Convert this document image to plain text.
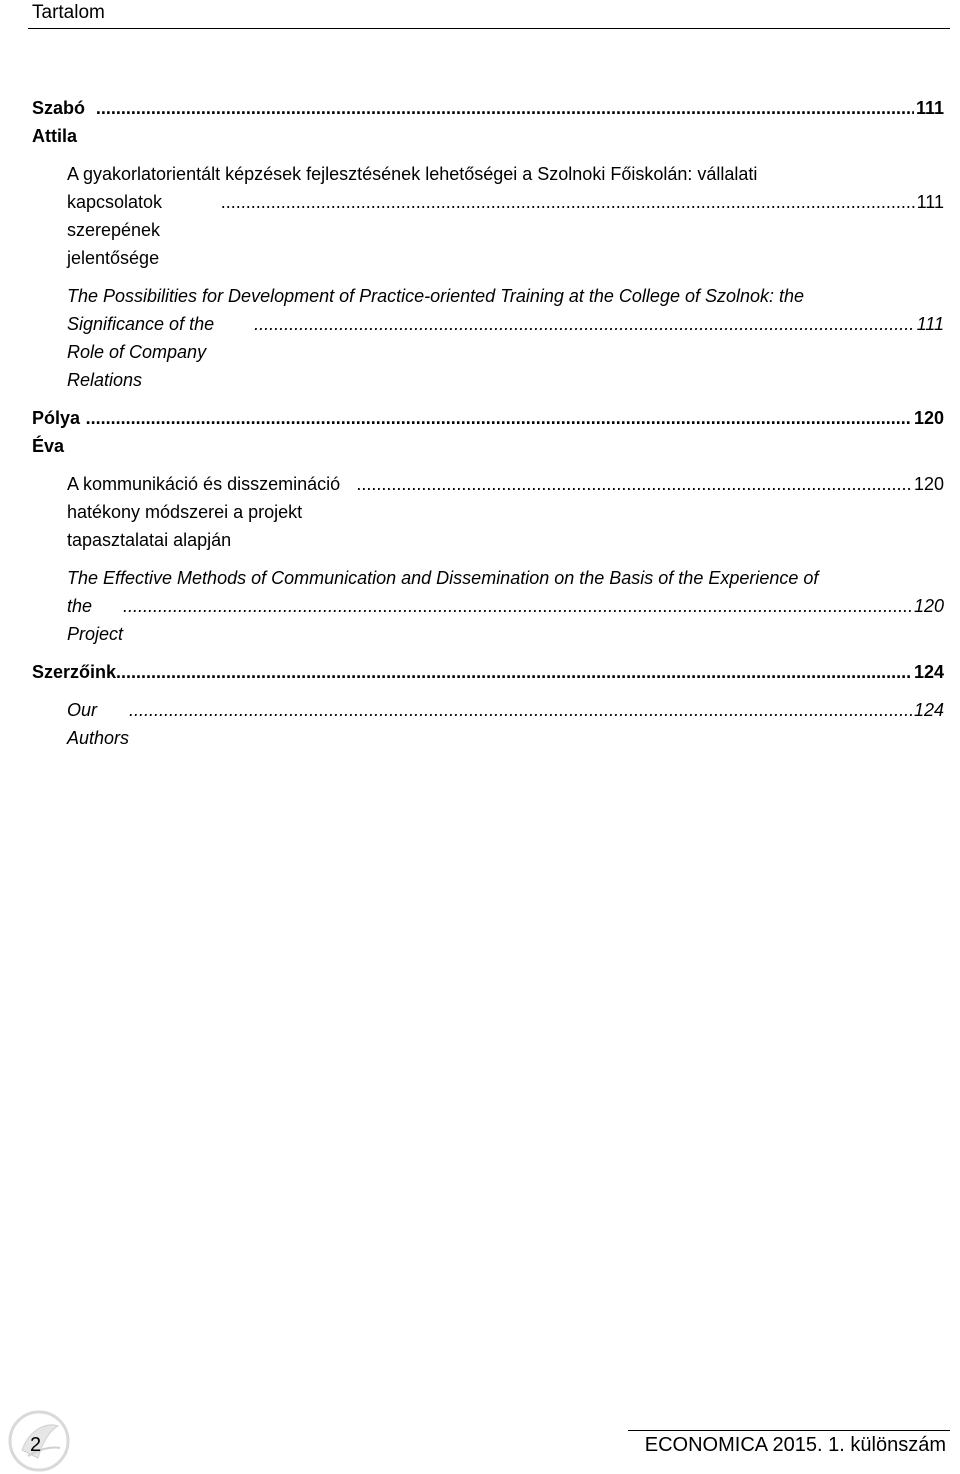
Tartalom
Szabó Attila
.....
111
A gyakorlatorientált képzések fejlesztésének lehetőségei a Szolnoki Főiskolán: vállalati
kapcsolatok szerepének jelentősége
.....
111
The Possibilities for Development of Practice-oriented Training at the College of Szolnok: the
Significance of the Role of Company Relations
.....
111
Pólya Éva
.....
120
A kommunikáció és disszemináció hatékony módszerei a projekt tapasztalatai alapján
.....
120
The Effective Methods of Communication and Dissemination on the Basis of the Experience of
the Project
.....
120
Szerzőink
.....	124
Our Authors
.....
124
2	ECONOMICA 2015. 1. különszám
